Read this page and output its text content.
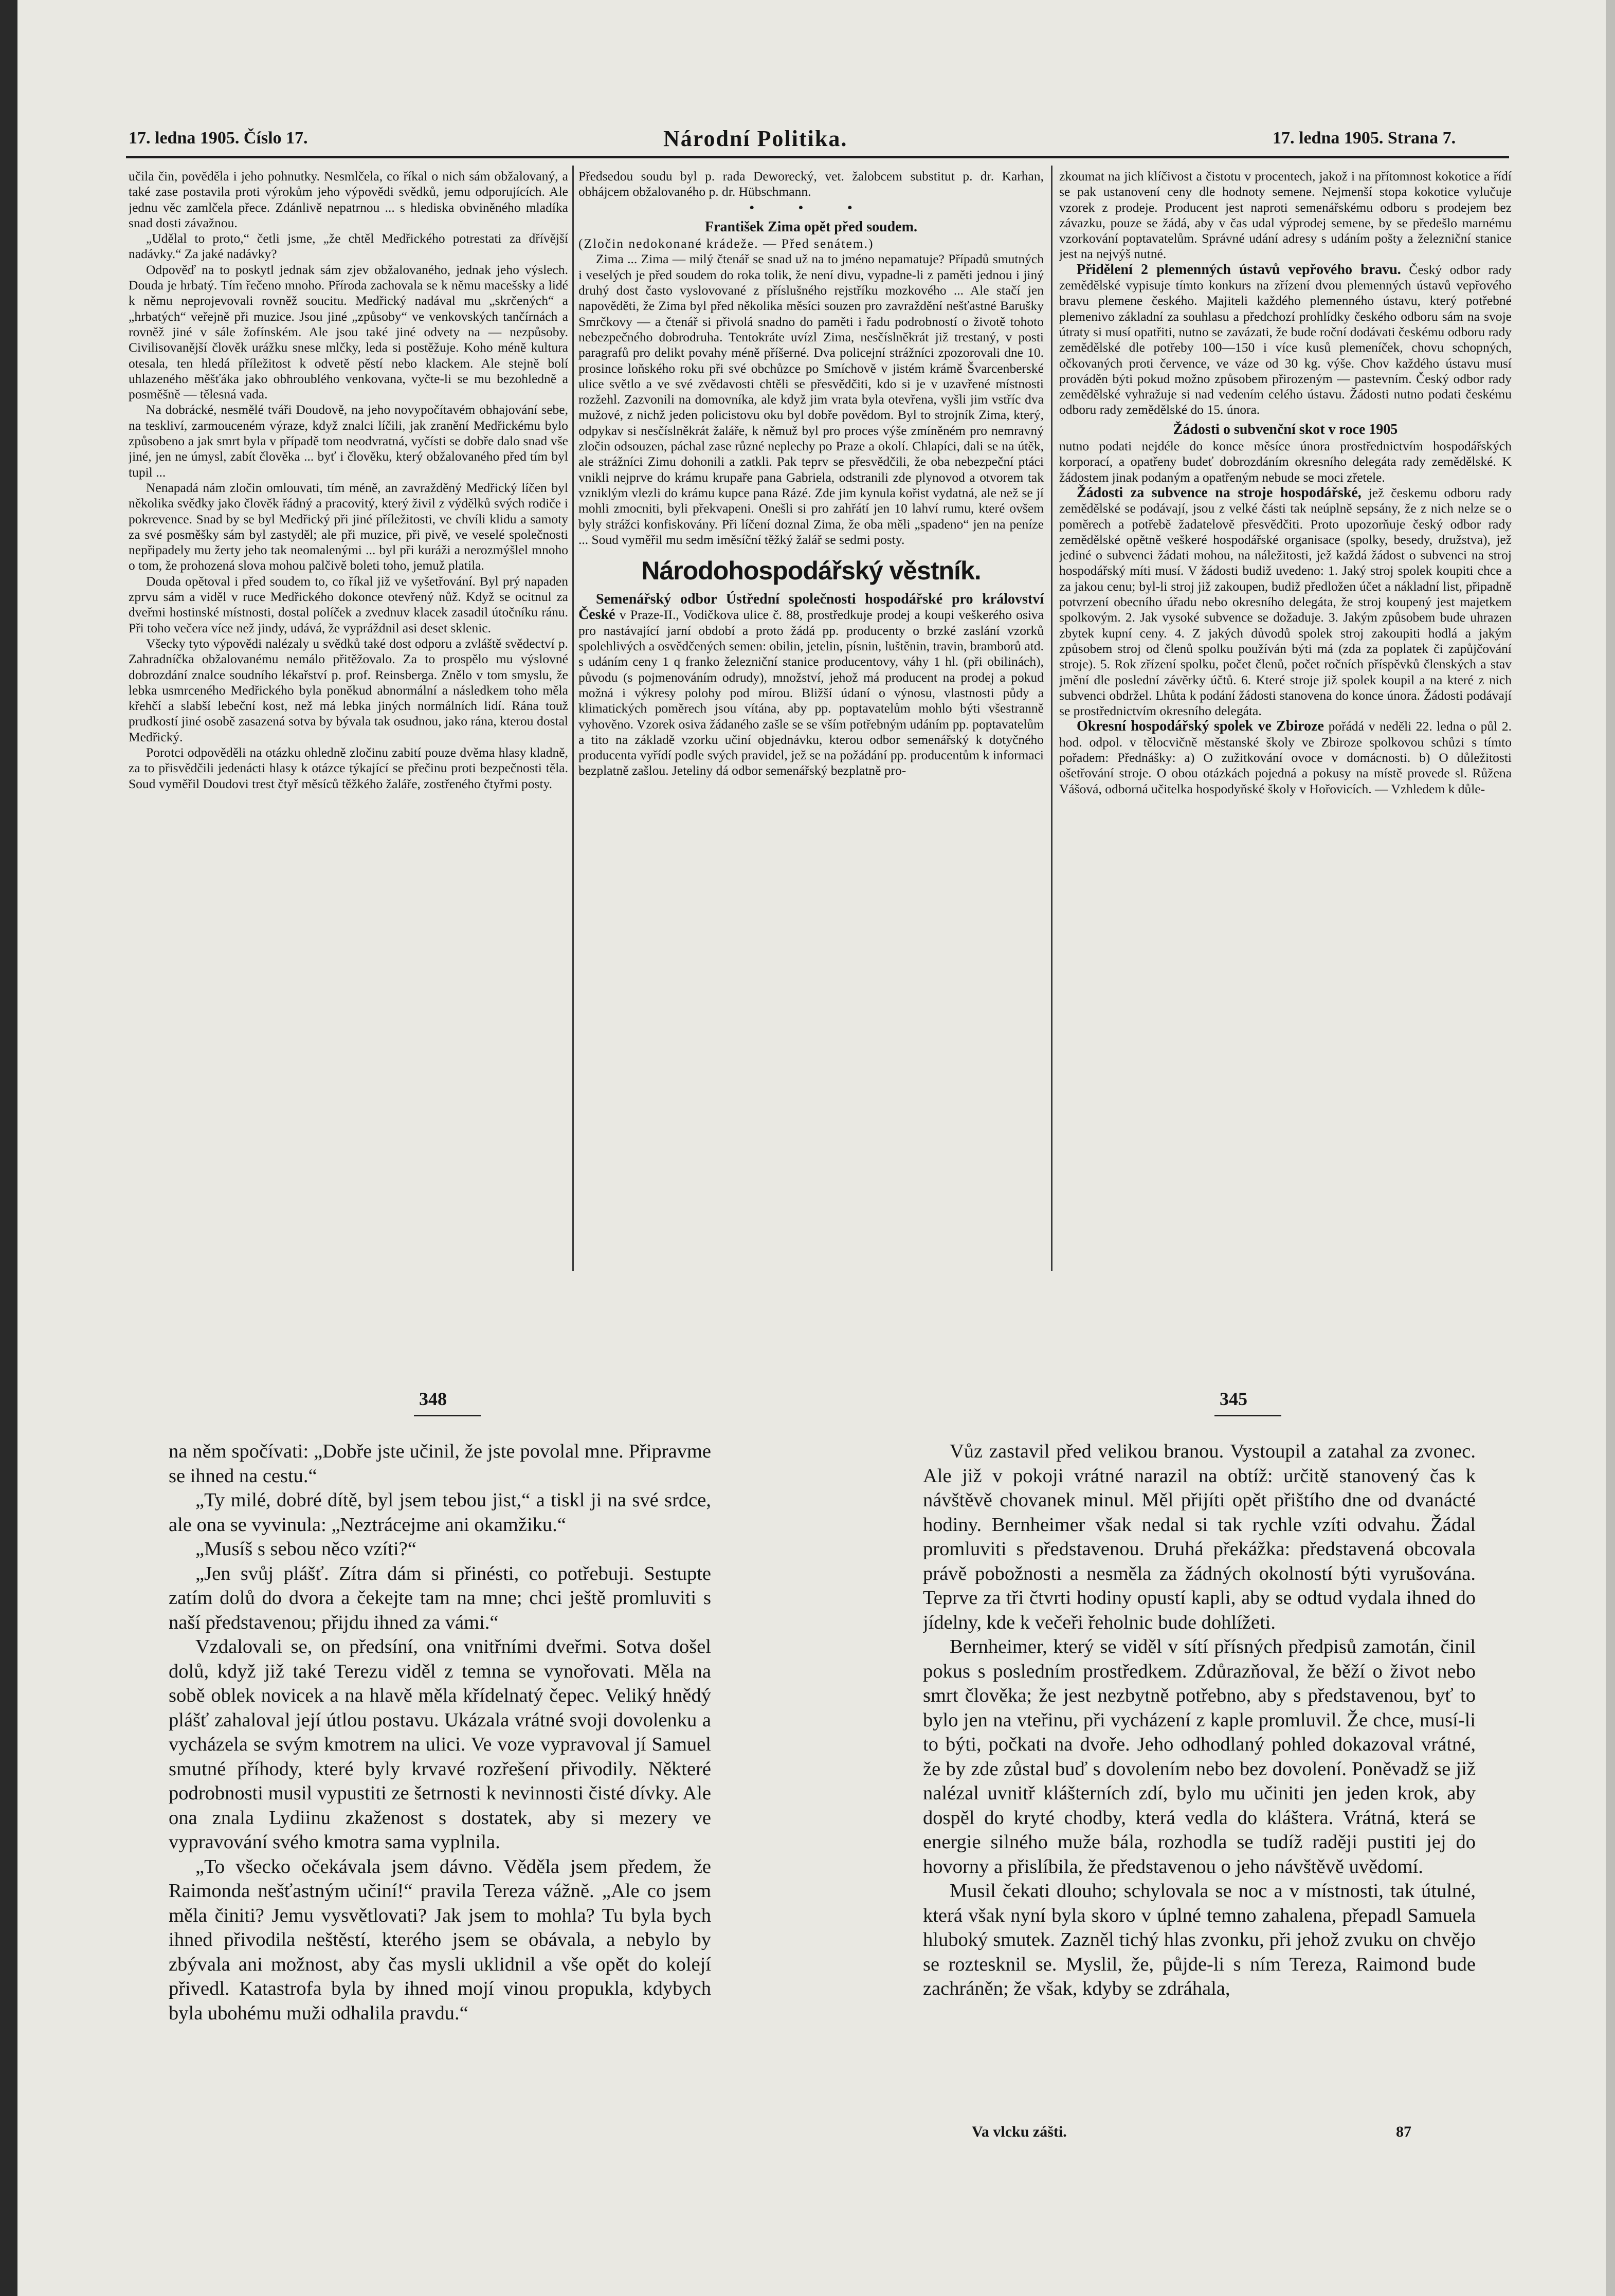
17. ledna 1905. Číslo 17.	Národní Politika.	17. ledna 1905. Strana 7.

učila čin, pověděla i jeho pohnutky. Nesmlčela, co říkal o nich sám obžalovaný, a také zase postavila proti výrokům jeho výpovědi svědků, jemu odporujících. Ale jednu věc zamlčela přece. Zdánlivě nepatrnou ... s hlediska obviněného mladíka snad dosti závažnou.

„Udělal to proto,“ četli jsme, „že chtěl Medřického potrestati za dřívější nadávky.“ Za jaké nadávky?

Odpověď na to poskytl jednak sám zjev obžalovaného, jednak jeho výslech. Douda je hrbatý. Tím řečeno mnoho. Příroda zachovala se k němu macešsky a lidé k němu neprojevovali rovněž soucitu. Medřický nadával mu „skrčených“ a „hrbatých“ veřejně při muzice. Jsou jiné „způsoby“ ve venkovských tančírnách a rovněž jiné v sále žofínském. Ale jsou také jiné odvety na — nezpůsoby. Civilisovanější člověk urážku snese mlčky, leda si postěžuje. Koho méně kultura otesala, ten hledá příležitost k odvetě pěstí nebo klackem. Ale stejně bolí uhlazeného měšťáka jako obhroublého venkovana, vyčte-li se mu bezohledně a posměšně — tělesná vada.

Na dobrácké, nesmělé tváři Doudově, na jeho novypočítavém obhajování sebe, na teskliví, zarmouceném výraze, když znalci líčili, jak zranění Medřickému bylo způsobeno a jak smrt byla v případě tom neodvratná, vyčísti se dobře dalo snad vše jiné, jen ne úmysl, zabít člověka ... byť i člověku, který obžalovaného před tím byl tupil ...

Nenapadá nám zločin omlouvati, tím méně, an zavražděný Medřický líčen byl několika svědky jako člověk řádný a pracovitý, který živil z výdělků svých rodiče i pokrevence. Snad by se byl Medřický při jiné příležitosti, ve chvíli klidu a samoty za své posměšky sám byl zastyděl; ale při muzice, při pivě, ve veselé společnosti nepřipadely mu žerty jeho tak neomalenými ... byl při kuráži a nerozmýšlel mnoho o tom, že prohozená slova mohou palčivě boleti toho, jemuž platila.

Douda opětoval i před soudem to, co říkal již ve vyšetřování. Byl prý napaden zprvu sám a viděl v ruce Medřického dokonce otevřený nůž. Když se ocitnul za dveřmi hostinské místnosti, dostal políček a zvednuv klacek zasadil útočníku ránu. Při toho večera více než jindy, udává, že vypráždnil asi deset sklenic.

Všecky tyto výpovědi nalézaly u svědků také dost odporu a zvláště svědectví p. Zahradníčka obžalovanému nemálo přitěžovalo. Za to prospělo mu výslovné dobrozdání znalce soudního lékařství p. prof. Reinsberga. Znělo v tom smyslu, že lebka usmrceného Medřického byla poněkud abnormální a následkem toho měla křehčí a slabší lebeční kost, než má lebka jiných normálních lidí. Rána touž prudkostí jiné osobě zasazená sotva by bývala tak osudnou, jako rána, kterou dostal Medřický.

Porotci odpověděli na otázku ohledně zločinu zabití pouze dvěma hlasy kladně, za to přisvědčili jedenácti hlasy k otázce týkající se přečinu proti bezpečnosti těla. Soud vyměřil Doudovi trest čtyř měsíců těžkého žaláře, zostřeného čtyřmi posty.

Předsedou soudu byl p. rada Deworecký, vet. žalobcem substitut p. dr. Karhan, obhájcem obžalovaného p. dr. Hübschmann.

• • •

František Zima opět před soudem.

(Zločin nedokonané krádeže. — Před senátem.)

Zima ... Zima — milý čtenář se snad už na to jméno nepamatuje? Případů smutných i veselých je před soudem do roka tolik, že není divu, vypadne-li z paměti jednou i jiný druhý dost často vyslovované z příslušného rejstříku mozkového ... Ale stačí jen napověděti, že Zima byl před několika měsíci souzen pro zavraždění nešťastné Barušky Smrčkovy — a čtenář si přivolá snadno do paměti i řadu podrobností o životě tohoto nebezpečného dobrodruha. Tentokráte uvízl Zima, nesčíslněkrát již trestaný, v posti paragrafů pro delikt povahy méně příšerné. Dva policejní strážníci zpozorovali dne 10. prosince loňského roku při své obchůzce po Smíchově v jistém krámě Švarcenberské ulice světlo a ve své zvědavosti chtěli se přesvědčiti, kdo si je v uzavřené místnosti rozžehl. Zazvonili na domovníka, ale když jim vrata byla otevřena, vyšli jim vstříc dva mužové, z nichž jeden policistovu oku byl dobře povědom. Byl to strojník Zima, který, odpykav si nesčíslněkrát žaláře, k němuž byl pro proces výše zmíněném pro nemravný zločin odsouzen, páchal zase různé neplechy po Praze a okolí. Chlapíci, dali se na útěk, ale strážníci Zimu dohonili a zatkli. Pak teprv se přesvědčili, že oba nebezpeční ptáci vnikli nejprve do krámu krupaře pana Gabriela, odstranili zde plynovod a otvorem tak vzniklým vlezli do krámu kupce pana Rázé. Zde jim kynula kořist vydatná, ale než se jí mohli zmocniti, byli překvapeni. Onešli si pro zahřátí jen 10 lahví rumu, které ovšem byly strážci konfiskovány. Při líčení doznal Zima, že oba měli „spadeno“ jen na peníze ... Soud vyměřil mu sedm iměsíční těžký žalář se sedmi posty.

Národohospodářský věstník.

Semenářský odbor Ústřední společnosti hospodářské pro království České v Praze-II., Vodičkova ulice č. 88, prostředkuje prodej a koupi veškerého osiva pro nastávající jarní období a proto žádá pp. producenty o brzké zaslání vzorků spolehlivých a osvědčených semen: obilin, jetelin, písnin, luštěnin, travin, bramborů atd. s udáním ceny 1 q franko železniční stanice producentovy, váhy 1 hl. (při obilinách), původu (s pojmenováním odrudy), množství, jehož má producent na prodej a pokud možná i výkresy polohy pod mírou. Bližší údaní o výnosu, vlastnosti půdy a klimatických poměrech jsou vítána, aby pp. poptavatelům mohlo býti všestranně vyhověno. Vzorek osiva žádaného zašle se se vším potřebným udáním pp. poptavatelům a tito na základě vzorku učiní objednávku, kterou odbor semenářský k dotyčného producenta vyřídí podle svých pravidel, jež se na požádání pp. producentům k informaci bezplatně zašlou. Jeteliny dá odbor semenářský bezplatně pro-

zkoumat na jich klíčivost a čistotu v procentech, jakož i na přítomnost kokotice a řídí se pak ustanovení ceny dle hodnoty semene. Nejmenší stopa kokotice vylučuje vzorek z prodeje. Producent jest naproti semenářskému odboru s prodejem bez závazku, pouze se žádá, aby v čas udal výprodej semene, by se předešlo marnému vzorkování poptavatelům. Správné udání adresy s udáním pošty a železniční stanice jest na nejvýš nutné.

Přidělení 2 plemenných ústavů vepřového bravu. Český odbor rady zemědělské vypisuje tímto konkurs na zřízení dvou plemenných ústavů vepřového bravu plemene českého. Majiteli každého plemenného ústavu, který potřebné plemenivo základní za souhlasu a předchozí prohlídky českého odboru sám na svoje útraty si musí opatřiti, nutno se zavázati, že bude roční dodávati českému odboru rady zemědělské dle potřeby 100—150 i více kusů plemeníček, chovu schopných, očkovaných proti července, ve váze od 30 kg. výše. Chov každého ústavu musí prováděn býti pokud možno způsobem přirozeným — pastevním. Český odbor rady zemědělské vyhražuje si nad vedením celého ústavu. Žádosti nutno podati českému odboru rady zemědělské do 15. února.

Žádosti o subvenční skot v roce 1905

nutno podati nejdéle do konce měsíce února prostřednictvím hospodářských korporací, a opatřeny budeť dobrozdáním okresního delegáta rady zemědělské. K žádostem jinak podaným a opatřeným nebude se moci zřetele.

Žádosti za subvence na stroje hospodářské, jež českemu odboru rady zemědělské se podávají, jsou z velké části tak neúplně sepsány, že z nich nelze se o poměrech a potřebě žadatelově přesvědčiti. Proto upozorňuje český odbor rady zemědělské opětně veškeré hospodářské organisace (spolky, besedy, družstva), jež jediné o subvenci žádati mohou, na náležitosti, jež každá žádost o subvenci na stroj hospodářský míti musí. V žádosti budiž uvedeno: 1. Jaký stroj spolek koupiti chce a za jakou cenu; byl-li stroj již zakoupen, budiž předložen účet a nákladní list, připadně potvrzení obecního úřadu nebo okresního delegáta, že stroj koupený jest majetkem spolkovým. 2. Jak vysoké subvence se dožaduje. 3. Jakým způsobem bude uhrazen zbytek kupní ceny. 4. Z jakých důvodů spolek stroj zakoupiti hodlá a jakým způsobem stroj od členů spolku používán býti má (zda za poplatek či zapůjčování stroje). 5. Rok zřízení spolku, počet členů, počet ročních příspěvků členských a stav jmění dle poslední závěrky účtů. 6. Které stroje již spolek koupil a na které z nich subvenci obdržel. Lhůta k podání žádosti stanovena do konce února. Žádosti podávají se prostřednictvím okresního delegáta.

Okresní hospodářský spolek ve Zbiroze pořádá v neděli 22. ledna o půl 2. hod. odpol. v tělocvičně městanské školy ve Zbiroze spolkovou schůzi s tímto pořadem: Přednášky: a) O zužitkování ovoce v domácnosti. b) O důležitosti ošetřování stroje. O obou otázkách pojedná a pokusy na místě provede sl. Růžena Vášová, odborná učitelka hospodyňské školy v Hořovicích. — Vzhledem k důle-

348	345

na něm spočívati: „Dobře jste učinil, že jste povolal mne. Připravme se ihned na cestu.“

„Ty milé, dobré dítě, byl jsem tebou jist,“ a tiskl ji na své srdce, ale ona se vyvinula: „Neztrácejme ani okamžiku.“

„Musíš s sebou něco vzíti?“

„Jen svůj plášť. Zítra dám si přinésti, co potřebuji. Sestupte zatím dolů do dvora a čekejte tam na mne; chci ještě promluviti s naší představenou; přijdu ihned za vámi.“

Vzdalovali se, on předsíní, ona vnitřními dveřmi. Sotva došel dolů, když již také Terezu viděl z temna se vynořovati. Měla na sobě oblek novicek a na hlavě měla křídelnatý čepec. Veliký hnědý plášť zahaloval její útlou postavu. Ukázala vrátné svoji dovolenku a vycházela se svým kmotrem na ulici. Ve voze vypravoval jí Samuel smutné příhody, které byly krvavé rozřešení přivodily. Některé podrobnosti musil vypustiti ze šetrnosti k nevinnosti čisté dívky. Ale ona znala Lydiinu zkaženost s dostatek, aby si mezery ve vypravování svého kmotra sama vyplnila.

„To všecko očekávala jsem dávno. Věděla jsem předem, že Raimonda nešťastným učiní!“ pravila Tereza vážně. „Ale co jsem měla činiti? Jemu vysvětlovati? Jak jsem to mohla? Tu byla bych ihned přivodila neštěstí, kterého jsem se obávala, a nebylo by zbývala ani možnost, aby čas mysli uklidnil a vše opět do kolejí přivedl. Katastrofa byla by ihned mojí vinou propukla, kdybych byla ubohému muži odhalila pravdu.“

Vůz zastavil před velikou branou. Vystoupil a zatahal za zvonec. Ale již v pokoji vrátné narazil na obtíž: určitě stanovený čas k návštěvě chovanek minul. Měl přijíti opět přištího dne od dvanácté hodiny. Bernheimer však nedal si tak rychle vzíti odvahu. Žádal promluviti s představenou. Druhá překážka: představená obcovala právě pobožnosti a nesměla za žádných okolností býti vyrušována. Teprve za tři čtvrti hodiny opustí kapli, aby se odtud vydala ihned do jídelny, kde k večeři řeholnic bude dohlížeti.

Bernheimer, který se viděl v sítí přísných předpisů zamotán, činil pokus s posledním prostředkem. Zdůrazňoval, že běží o život nebo smrt člověka; že jest nezbytně potřebno, aby s představenou, byť to bylo jen na vteřinu, při vycházení z kaple promluvil. Že chce, musí-li to býti, počkati na dvoře. Jeho odhodlaný pohled dokazoval vrátné, že by zde zůstal buď s dovolením nebo bez dovolení. Poněvadž se již nalézal uvnitř klášterních zdí, bylo mu učiniti jen jeden krok, aby dospěl do kryté chodby, která vedla do kláštera. Vrátná, která se energie silného muže bála, rozhodla se tudíž raději pustiti jej do hovorny a přislíbila, že představenou o jeho návštěvě uvědomí.

Musil čekati dlouho; schylovala se noc a v místnosti, tak útulné, která však nyní byla skoro v úplné temno zahalena, přepadl Samuela hluboký smutek. Zazněl tichý hlas zvonku, při jehož zvuku on chvějo se roztesknil se. Myslil, že, půjde-li s ním Tereza, Raimond bude zachráněn; že však, kdyby se zdráhala,

Va vlcku zášti.	87
